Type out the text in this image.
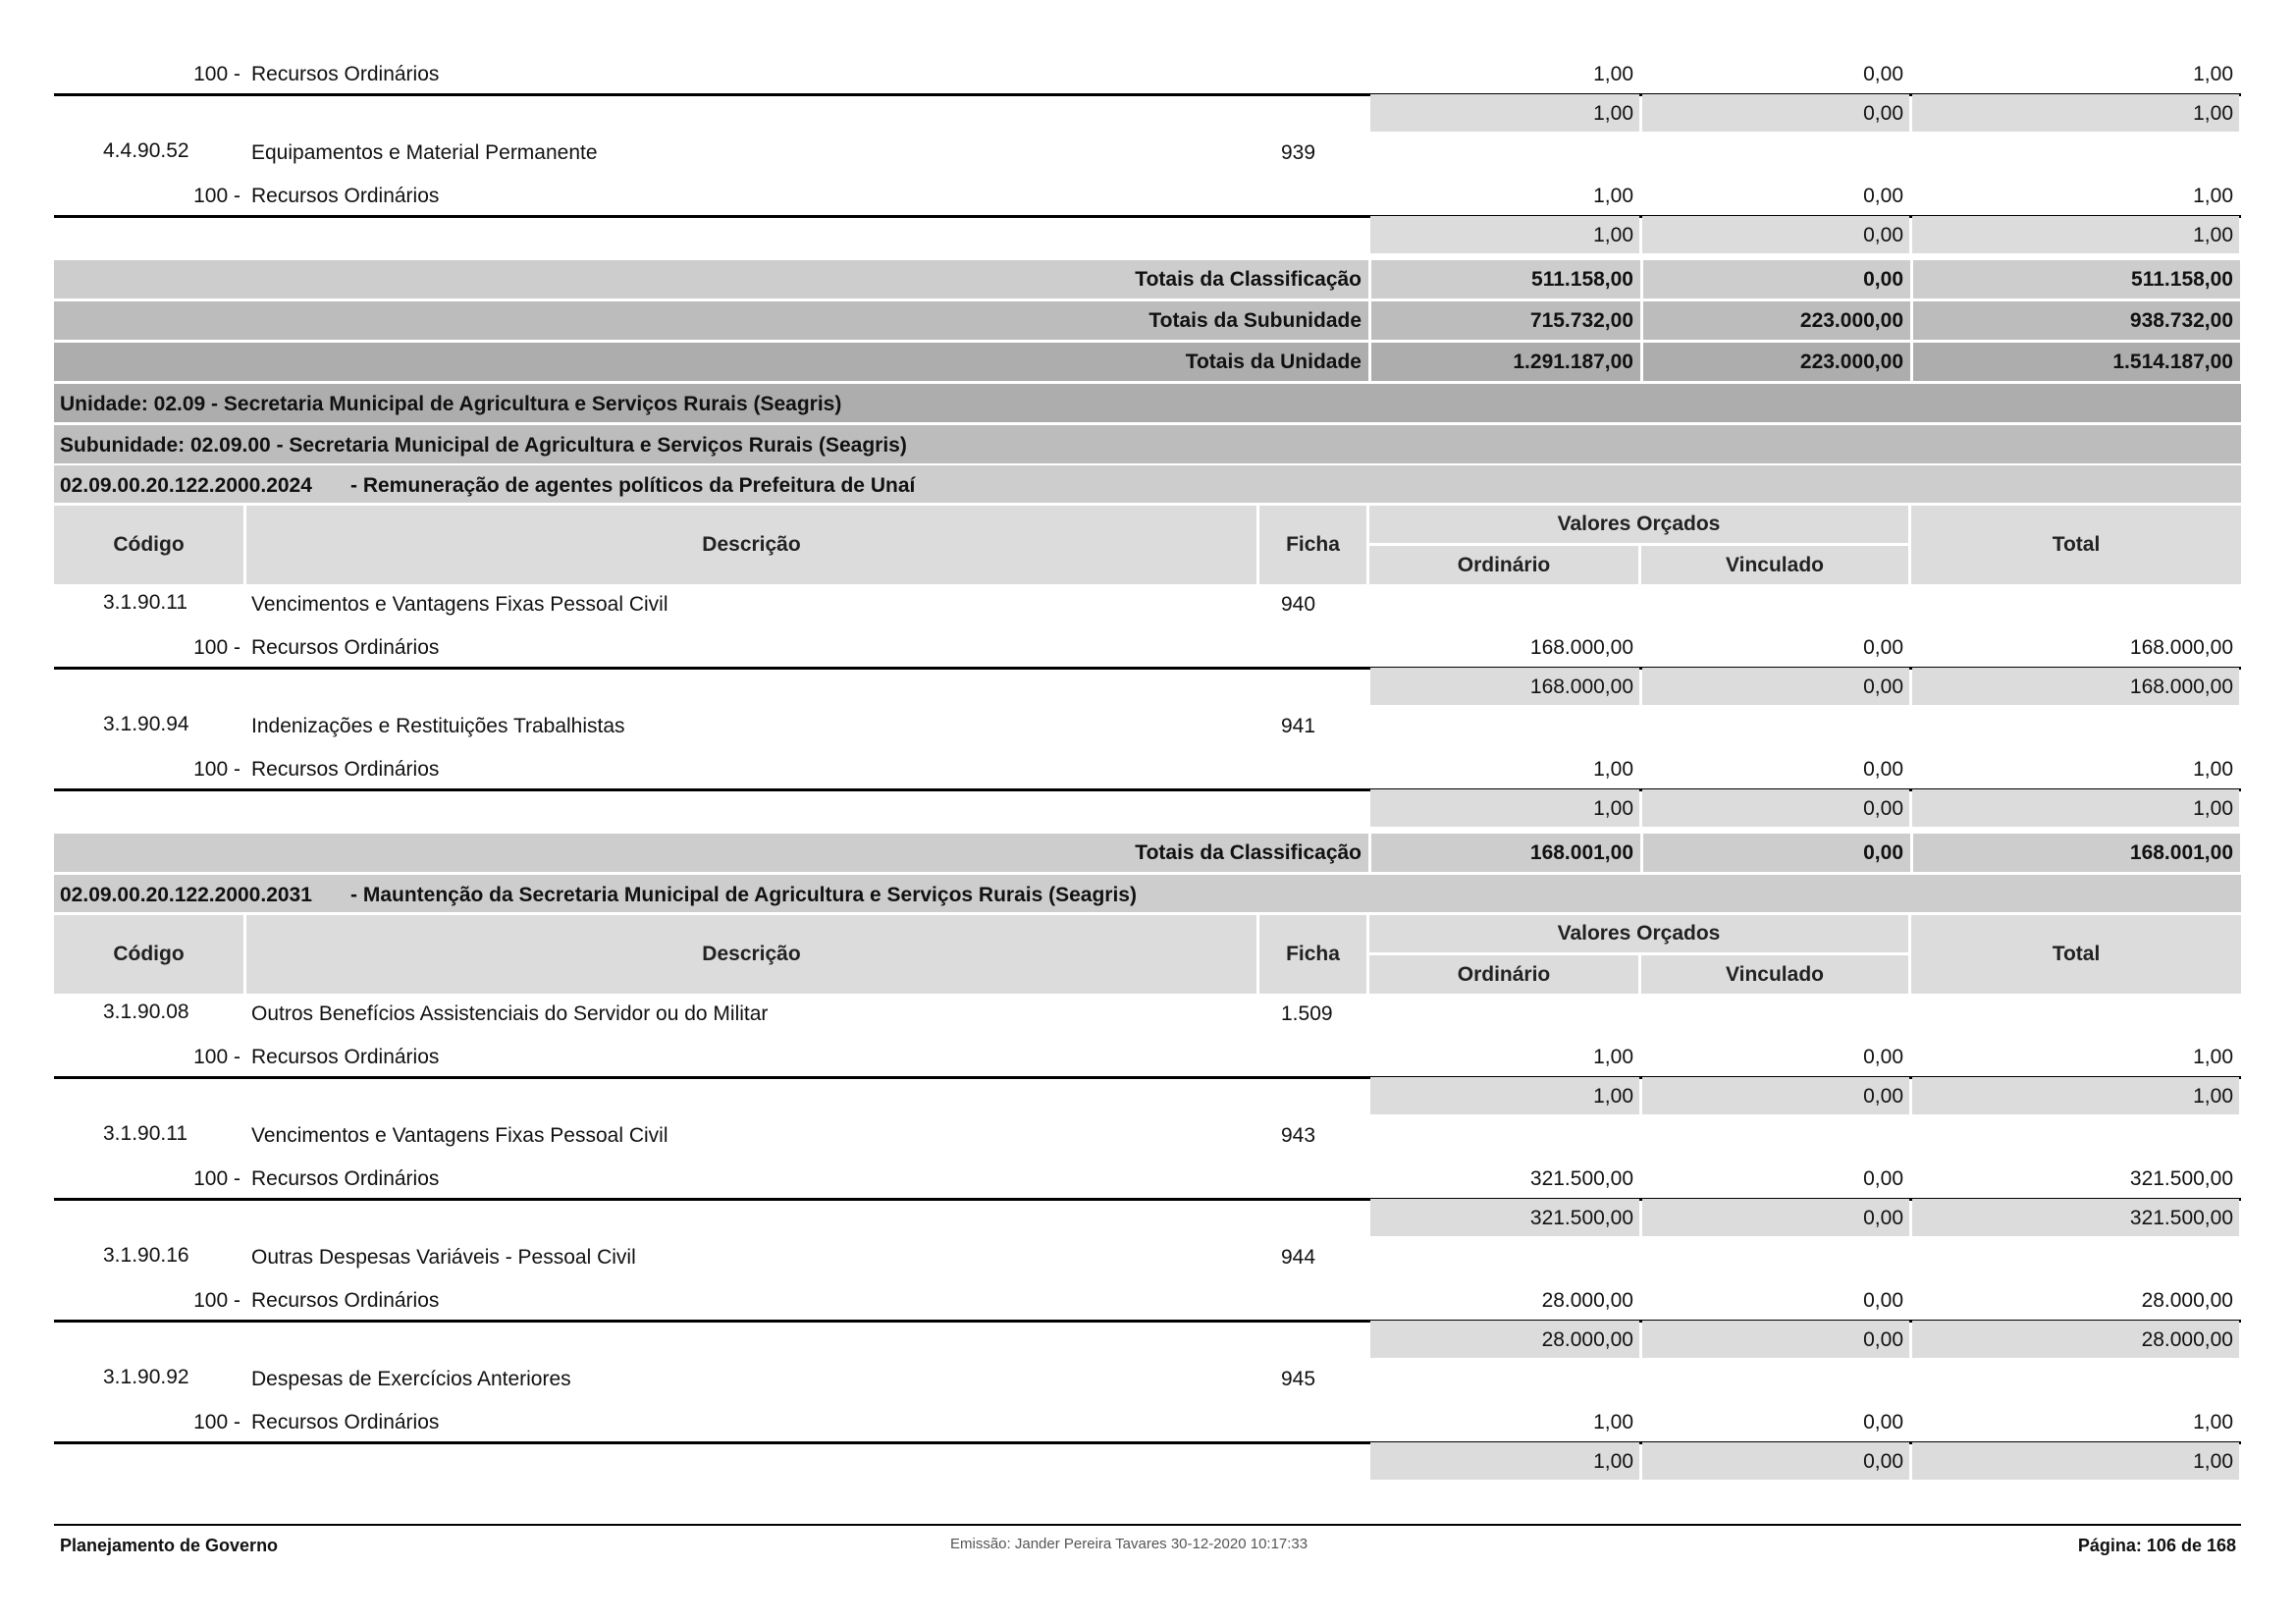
100 - Recursos Ordinários	1,00	0,00	1,00
1,00	0,00	1,00
4.4.90.52	Equipamentos e Material Permanente	939
100 - Recursos Ordinários	1,00	0,00	1,00
1,00	0,00	1,00
Totais da Classificação	511.158,00	0,00	511.158,00
Totais da Subunidade	715.732,00	223.000,00	938.732,00
Totais da Unidade	1.291.187,00	223.000,00	1.514.187,00
Unidade: 02.09 - Secretaria Municipal de Agricultura e Serviços Rurais (Seagris)
Subunidade: 02.09.00 - Secretaria Municipal de Agricultura e Serviços Rurais (Seagris)
02.09.00.20.122.2000.2024 - Remuneração de agentes políticos da Prefeitura de Unaí
Código	Descrição	Ficha
Valores Orçados
Ordinário	Vinculado
Total
3.1.90.11	Vencimentos e Vantagens Fixas Pessoal Civil	940
100 - Recursos Ordinários	168.000,00	0,00	168.000,00
168.000,00	0,00	168.000,00
3.1.90.94	Indenizações e Restituições Trabalhistas	941
100 - Recursos Ordinários	1,00	0,00	1,00
1,00	0,00	1,00
Totais da Classificação	168.001,00	0,00	168.001,00
02.09.00.20.122.2000.2031 - Mauntenção da Secretaria Municipal de Agricultura e Serviços Rurais (Seagris)
Código	Descrição	Ficha
Valores Orçados
Ordinário	Vinculado
Total
3.1.90.08	Outros Benefícios Assistenciais do Servidor ou do Militar	1.509
100 - Recursos Ordinários	1,00	0,00	1,00
1,00	0,00	1,00
3.1.90.11	Vencimentos e Vantagens Fixas Pessoal Civil	943
100 - Recursos Ordinários	321.500,00	0,00	321.500,00
321.500,00	0,00	321.500,00
3.1.90.16	Outras Despesas Variáveis - Pessoal Civil	944
100 - Recursos Ordinários	28.000,00	0,00	28.000,00
28.000,00	0,00	28.000,00
3.1.90.92	Despesas de Exercícios Anteriores	945
100 - Recursos Ordinários	1,00	0,00	1,00
1,00	0,00	1,00
Planejamento de Governo	Emissão: Jander Pereira Tavares 30-12-2020 10:17:33	Página: 106 de 168
